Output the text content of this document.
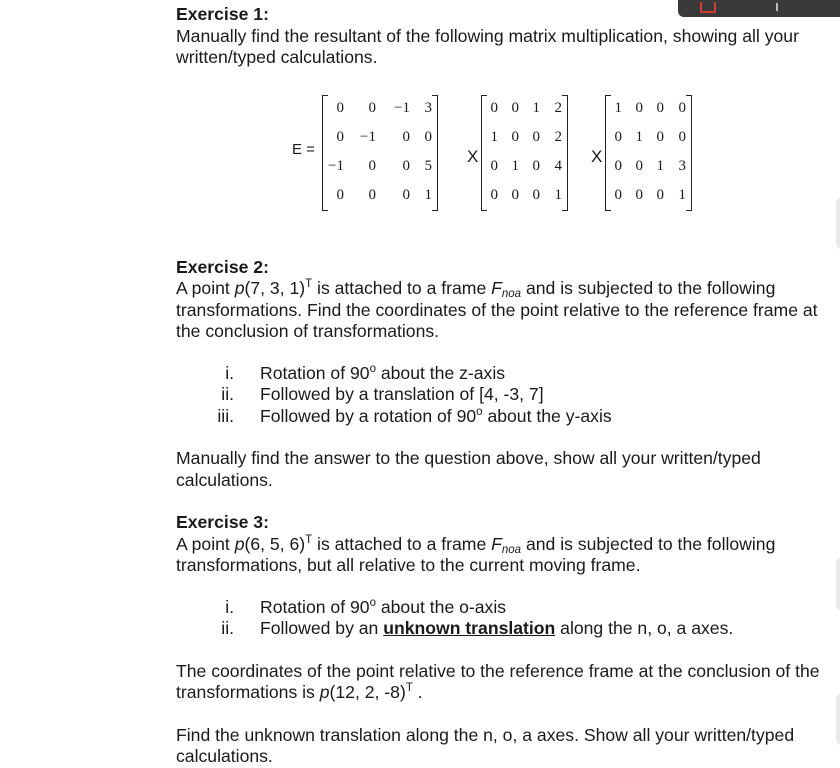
Exercise 1:

Manually find the resultant of the following matrix multiplication, showing all your written/typed calculations.

E =
0	0	−1	3	
0	−1	0	0	
−1	0	0	5	
0	0	0	1	
X
0	0	1	2	
1	0	0	2	
0	1	0	4	
0	0	0	1	
X
1	0	0	0	
0	1	0	0	
0	0	1	3	
0	0	0	1	
Exercise 2:

A point p(7, 3, 1)$^T$ is attached to a frame $F_{noa}$ and is subjected to the following transformations. Find the coordinates of the point relative to the reference frame at the conclusion of transformations.

i. Rotation of 90$^o$ about the z-axis
ii. Followed by a translation of [4, -3, 7]
iii. Followed by a rotation of 90$^o$ about the y-axis

Manually find the answer to the question above, show all your written/typed calculations.

Exercise 3:

A point p(6, 5, 6)$^T$ is attached to a frame $F_{noa}$ and is subjected to the following transformations, but all relative to the current moving frame.

i. Rotation of 90$^o$ about the o-axis
ii. Followed by an unknown translation along the n, o, a axes.

The coordinates of the point relative to the reference frame at the conclusion of the transformations is p(12, 2, -8)$^T$ .

Find the unknown translation along the n, o, a axes. Show all your written/typed calculations.
